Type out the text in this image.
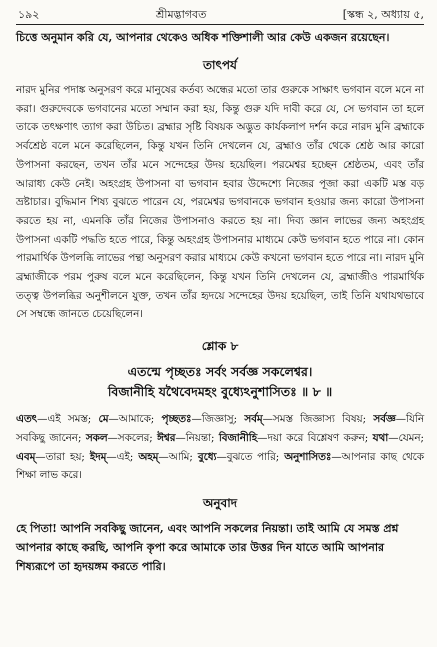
১৯২	শ্রীমদ্ভাগবত	[স্কন্ধ ২, অধ্যায় ৫,

চিত্তে অনুমান করি যে, আপনার থেকেও অধিক শক্তিশালী আর কেউ একজন রয়েছেন।

তাৎপর্য

নারদ মুনির পদাঙ্ক অনুসরণ করে মানুষের কর্তব্য অন্ধের মতো তার গুরুকে সাক্ষাৎ ভগবান বলে মনে না করা। গুরুদেবকে ভগবানের মতো সম্মান করা হয়, কিন্তু গুরু যদি দাবী করে যে, সে ভগবান তা হলে তাকে তৎক্ষণাৎ ত্যাগ করা উচিত। ব্রহ্মার সৃষ্টি বিষয়ক অদ্ভুত কার্যকলাপ দর্শন করে নারদ মুনি ব্রহ্মাকে সর্বশ্রেষ্ঠ বলে মনে করেছিলেন, কিন্তু যখন তিনি দেখলেন যে, ব্রহ্মাও তাঁর থেকে শ্রেষ্ঠ আর কারো উপাসনা করছেন, তখন তাঁর মনে সন্দেহের উদয় হয়েছিল। পরমেশ্বর হচ্ছেন শ্রেষ্ঠতম, এবং তাঁর আরাধ্য কেউ নেই। অহংগ্রহ উপাসনা বা ভগবান হবার উদ্দেশ্যে নিজের পূজা করা একটি মস্ত বড় ভ্রষ্টাচার। বুদ্ধিমান শিষ্য বুঝতে পারেন যে, পরমেশ্বর ভগবানকে ভগবান হওয়ার জন্য কারো উপাসনা করতে হয় না, এমনকি তাঁর নিজের উপাসনাও করতে হয় না। দিব্য জ্ঞান লাভের জন্য অহংগ্রহ উপাসনা একটি পদ্ধতি হতে পারে, কিন্তু অহংগ্রহ উপাসনার মাধ্যমে কেউ ভগবান হতে পারে না। কোন পারমার্থিক উপলব্ধি লাভের পন্থা অনুসরণ করার মাধ্যমে কেউ কখনো ভগবান হতে পারে না। নারদ মুনি ব্রহ্মাজীকে পরম পুরুষ বলে মনে করেছিলেন, কিন্তু যখন তিনি দেখলেন যে, ব্রহ্মাজীও পারমার্থিক তত্ত্ব উপলব্ধির অনুশীলনে যুক্ত, তখন তাঁর হৃদয়ে সন্দেহের উদয় হয়েছিল, তাই তিনি যথাযথভাবে সে সম্বন্ধে জানতে চেয়েছিলেন।

শ্লোক ৮

এতন্মে পৃচ্ছতঃ সর্বং সর্বজ্ঞ সকলেশ্বর।

বিজানীহি যথৈবেদমহং বুধ্যেঽনুশাসিতঃ ॥ ৮ ॥

এতৎ—এই সমস্ত; মে—আমাকে; পৃচ্ছতঃ—জিজ্ঞাসু; সর্বম্—সমস্ত জিজ্ঞাস্য বিষয়; সর্বজ্ঞ—যিনি সবকিছু জানেন; সকল—সকলের; ঈশ্বর—নিয়ন্তা; বিজানীহি—দয়া করে বিশ্লেষণ করুন; যথা—যেমন; এবম্—তারা হয়; ইদম্—এই; অহম্—আমি; বুধ্যে—বুঝতে পারি; অনুশাসিতঃ—আপনার কাছ থেকে শিক্ষা লাভ করে।

অনুবাদ

হে পিতা! আপনি সবকিছু জানেন, এবং আপনি সকলের নিয়ন্তা। তাই আমি যে সমস্ত প্রশ্ন আপনার কাছে করছি, আপনি কৃপা করে আমাকে তার উত্তর দিন যাতে আমি আপনার শিষ্যরূপে তা হৃদয়ঙ্গম করতে পারি।
